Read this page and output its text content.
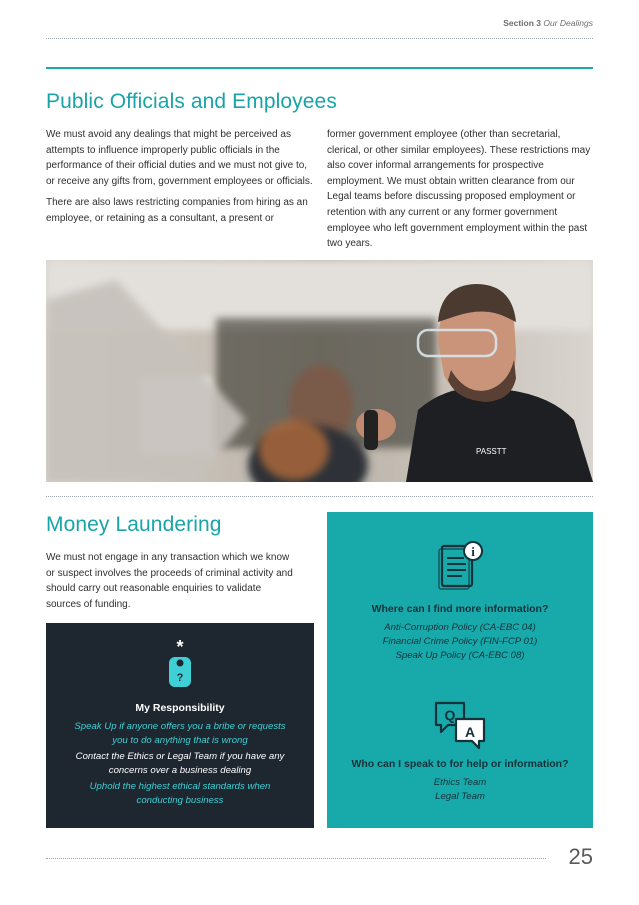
Section 3 Our Dealings
Public Officials and Employees

We must avoid any dealings that might be perceived as attempts to influence improperly public officials in the performance of their official duties and we must not give to, or receive any gifts from, government employees or officials.

There are also laws restricting companies from hiring as an employee, or retaining as a consultant, a present or

former government employee (other than secretarial, clerical, or other similar employees). These restrictions may also cover informal arrangements for prospective employment. We must obtain written clearance from our Legal teams before discussing proposed employment or retention with any current or any former government employee who left government employment within the past two years.

PASSTT
Money Laundering

We must not engage in any transaction which we know or suspect involves the proceeds of criminal activity and should carry out reasonable enquiries to validate sources of funding.

*
?
My Responsibility

Speak Up if anyone offers you a bribe or requests you to do anything that is wrong

Contact the Ethics or Legal Team if you have any concerns over a business dealing

Uphold the highest ethical standards when conducting business

i
Where can I find more information?

Anti-Corruption Policy (CA-EBC 04)

Financial Crime Policy (FIN-FCP 01)

Speak Up Policy (CA-EBC 08)

Q
A
Who can I speak to for help or information?

Ethics Team

Legal Team

25
